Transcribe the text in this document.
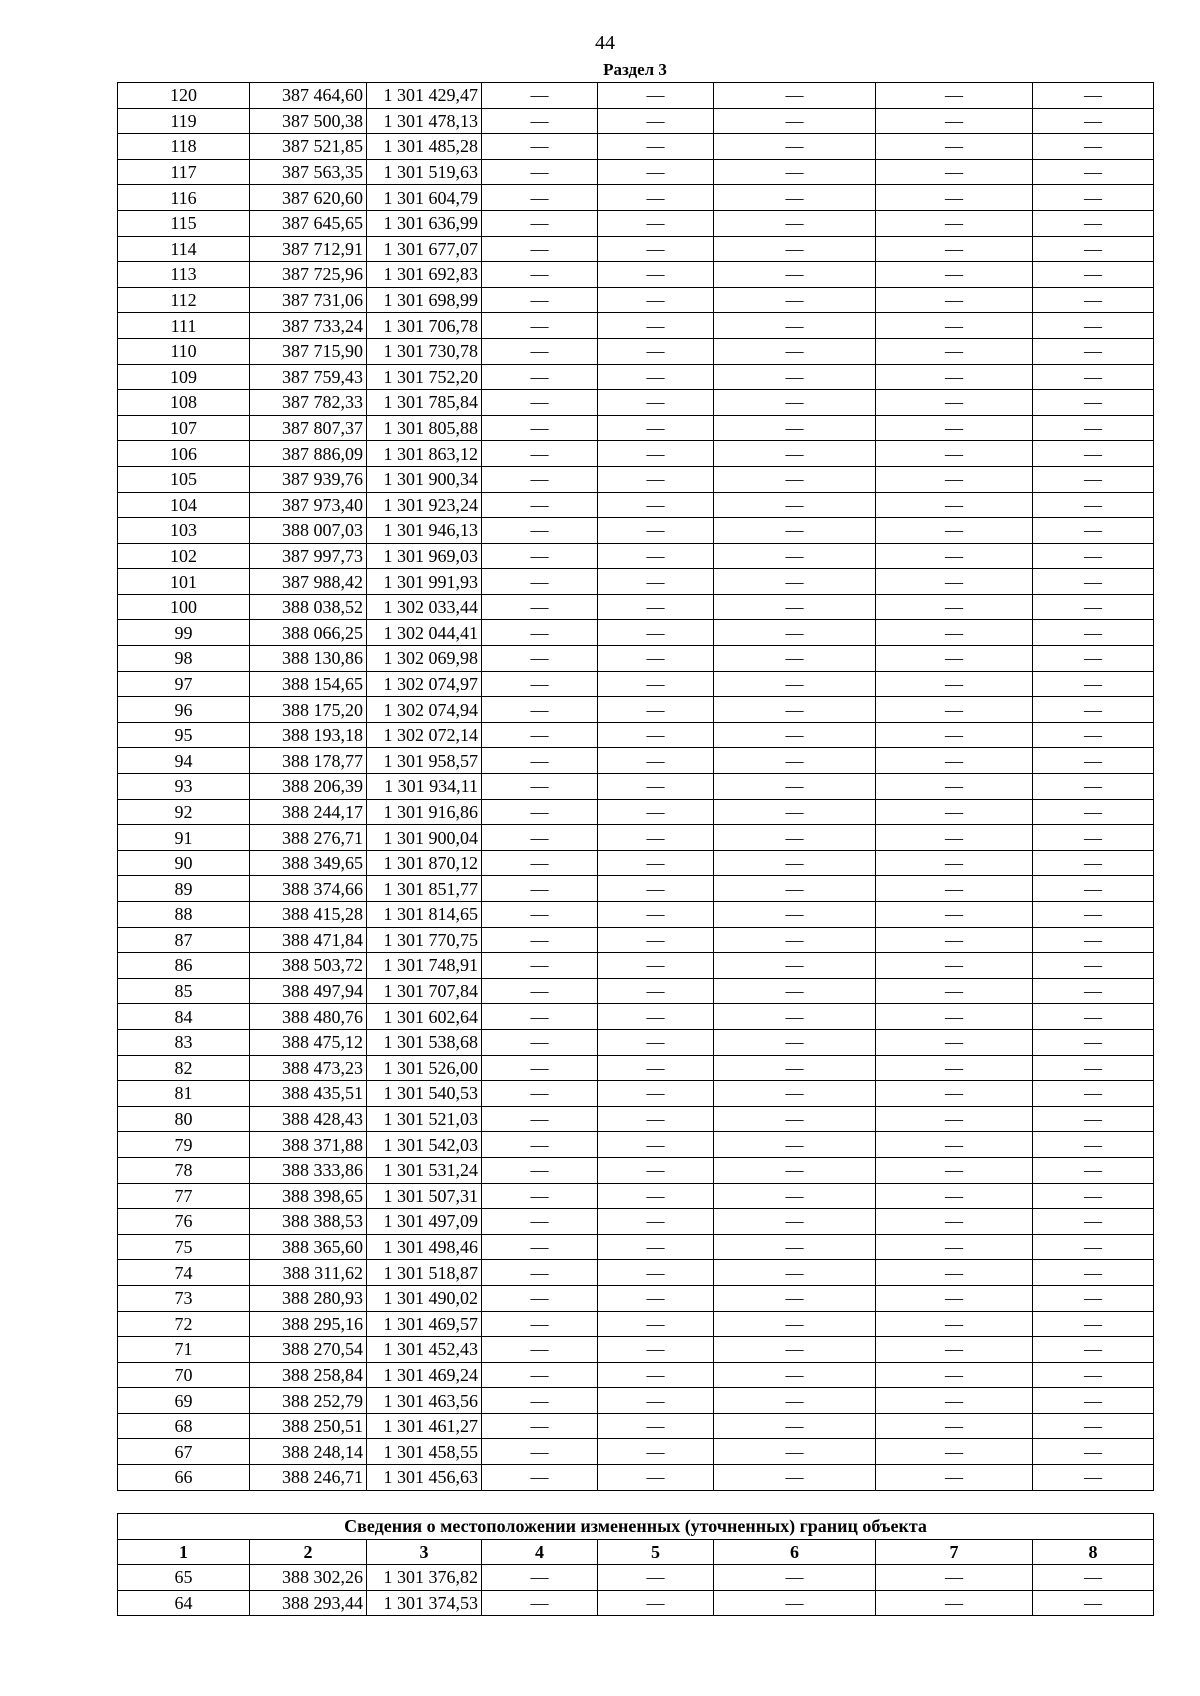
44
Раздел 3
120	387 464,60	1 301 429,47	—	—	—	—	—
119	387 500,38	1 301 478,13	—	—	—	—	—
118	387 521,85	1 301 485,28	—	—	—	—	—
117	387 563,35	1 301 519,63	—	—	—	—	—
116	387 620,60	1 301 604,79	—	—	—	—	—
115	387 645,65	1 301 636,99	—	—	—	—	—
114	387 712,91	1 301 677,07	—	—	—	—	—
113	387 725,96	1 301 692,83	—	—	—	—	—
112	387 731,06	1 301 698,99	—	—	—	—	—
111	387 733,24	1 301 706,78	—	—	—	—	—
110	387 715,90	1 301 730,78	—	—	—	—	—
109	387 759,43	1 301 752,20	—	—	—	—	—
108	387 782,33	1 301 785,84	—	—	—	—	—
107	387 807,37	1 301 805,88	—	—	—	—	—
106	387 886,09	1 301 863,12	—	—	—	—	—
105	387 939,76	1 301 900,34	—	—	—	—	—
104	387 973,40	1 301 923,24	—	—	—	—	—
103	388 007,03	1 301 946,13	—	—	—	—	—
102	387 997,73	1 301 969,03	—	—	—	—	—
101	387 988,42	1 301 991,93	—	—	—	—	—
100	388 038,52	1 302 033,44	—	—	—	—	—
99	388 066,25	1 302 044,41	—	—	—	—	—
98	388 130,86	1 302 069,98	—	—	—	—	—
97	388 154,65	1 302 074,97	—	—	—	—	—
96	388 175,20	1 302 074,94	—	—	—	—	—
95	388 193,18	1 302 072,14	—	—	—	—	—
94	388 178,77	1 301 958,57	—	—	—	—	—
93	388 206,39	1 301 934,11	—	—	—	—	—
92	388 244,17	1 301 916,86	—	—	—	—	—
91	388 276,71	1 301 900,04	—	—	—	—	—
90	388 349,65	1 301 870,12	—	—	—	—	—
89	388 374,66	1 301 851,77	—	—	—	—	—
88	388 415,28	1 301 814,65	—	—	—	—	—
87	388 471,84	1 301 770,75	—	—	—	—	—
86	388 503,72	1 301 748,91	—	—	—	—	—
85	388 497,94	1 301 707,84	—	—	—	—	—
84	388 480,76	1 301 602,64	—	—	—	—	—
83	388 475,12	1 301 538,68	—	—	—	—	—
82	388 473,23	1 301 526,00	—	—	—	—	—
81	388 435,51	1 301 540,53	—	—	—	—	—
80	388 428,43	1 301 521,03	—	—	—	—	—
79	388 371,88	1 301 542,03	—	—	—	—	—
78	388 333,86	1 301 531,24	—	—	—	—	—
77	388 398,65	1 301 507,31	—	—	—	—	—
76	388 388,53	1 301 497,09	—	—	—	—	—
75	388 365,60	1 301 498,46	—	—	—	—	—
74	388 311,62	1 301 518,87	—	—	—	—	—
73	388 280,93	1 301 490,02	—	—	—	—	—
72	388 295,16	1 301 469,57	—	—	—	—	—
71	388 270,54	1 301 452,43	—	—	—	—	—
70	388 258,84	1 301 469,24	—	—	—	—	—
69	388 252,79	1 301 463,56	—	—	—	—	—
68	388 250,51	1 301 461,27	—	—	—	—	—
67	388 248,14	1 301 458,55	—	—	—	—	—
66	388 246,71	1 301 456,63	—	—	—	—	—
Сведения о местоположении измененных (уточненных) границ объекта							
1	2	3	4	5	6	7	8
65	388 302,26	1 301 376,82	—	—	—	—	—
64	388 293,44	1 301 374,53	—	—	—	—	—
